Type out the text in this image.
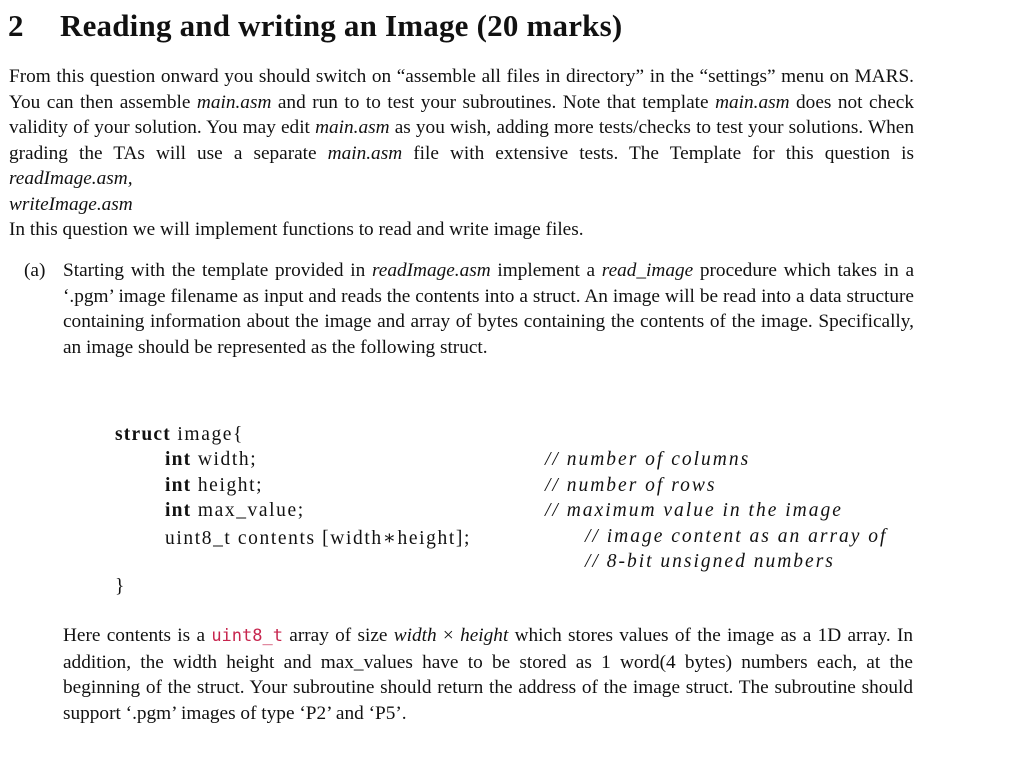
2 Reading and writing an Image (20 marks)

From this question onward you should switch on “assemble all files in directory” in the “settings” menu on MARS. You can then assemble main.asm and run to to test your subroutines. Note that template main.asm does not check validity of your solution. You may edit main.asm as you wish, adding more tests/checks to test your solutions. When grading the TAs will use a separate main.asm file with extensive tests. The Template for this question is readImage.asm,
writeImage.asm

In this question we will implement functions to read and write image files.

(a) Starting with the template provided in readImage.asm implement a read_image procedure which takes in a ‘.pgm’ image filename as input and reads the contents into a struct. An image will be read into a data structure containing information about the image and array of bytes containing the contents of the image. Specifically, an image should be represented as the following struct.
struct image{
int width;	// number of columns
int height;	// number of rows
int max_value;	// maximum value in the image
uint8_t contents [width∗height];	// image content as an array of
// 8-bit unsigned numbers
}
Here contents is a uint8_t array of size width × height which stores values of the image as a 1D array. In addition, the width height and max_values have to be stored as 1 word(4 bytes) numbers each, at the beginning of the struct. Your subroutine should return the address of the image struct. The subroutine should support ‘.pgm’ images of type ‘P2’ and ‘P5’.
